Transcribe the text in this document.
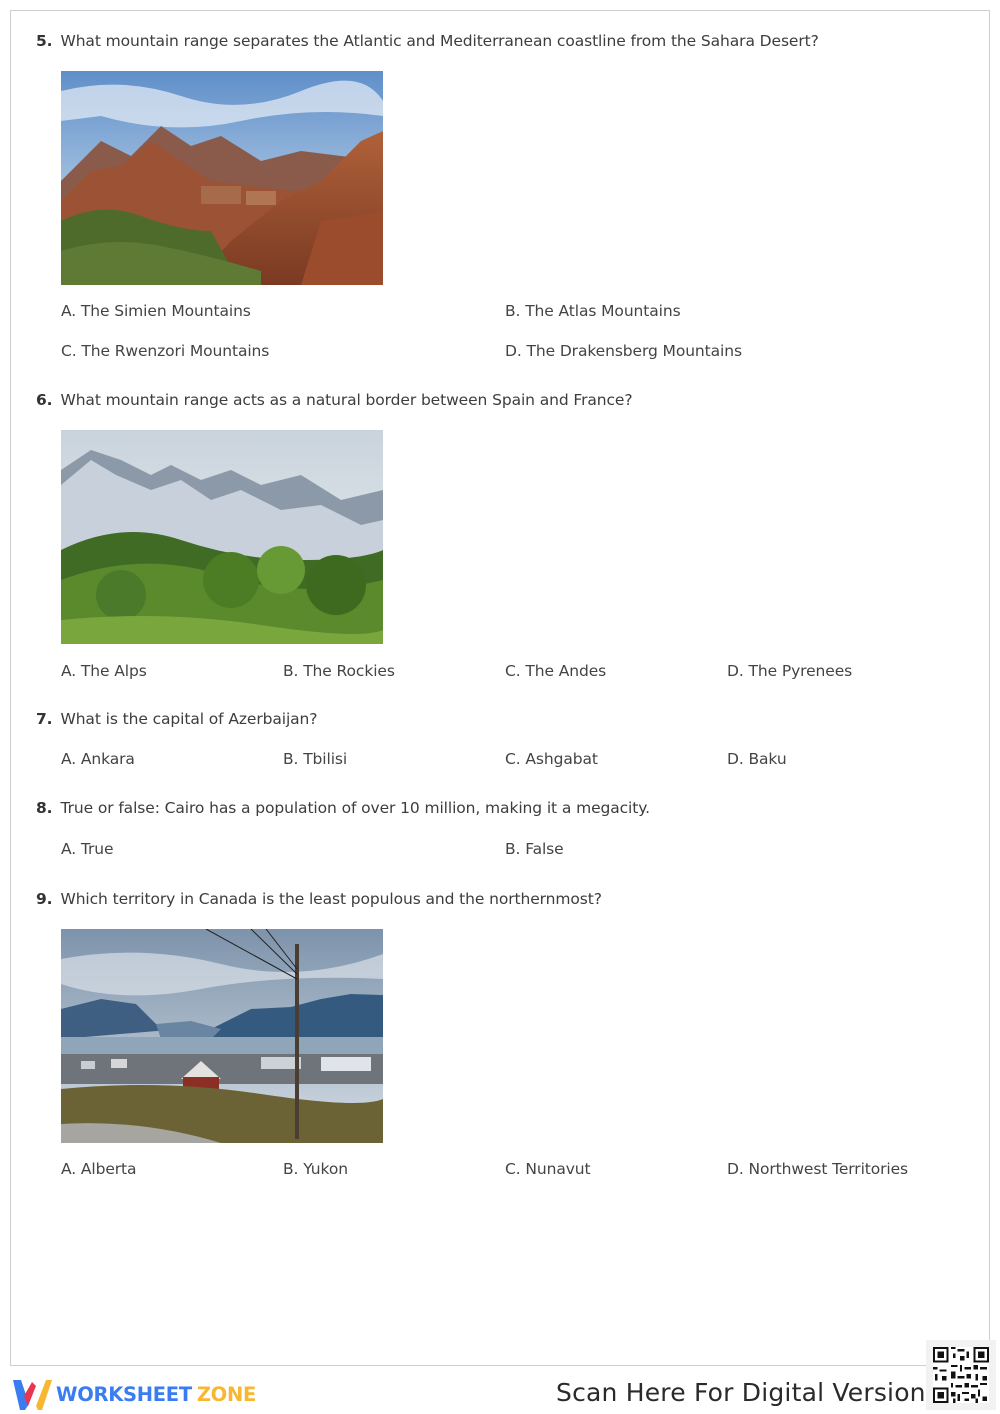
5. What mountain range separates the Atlantic and Mediterranean coastline from the Sahara Desert?
A. The Simien Mountains	B. The Atlas Mountains
C. The Rwenzori Mountains	D. The Drakensberg Mountains
6. What mountain range acts as a natural border between Spain and France?
A. The Alps	B. The Rockies	C. The Andes	D. The Pyrenees
7. What is the capital of Azerbaijan?
A. Ankara	B. Tbilisi	C. Ashgabat	D. Baku
8. True or false: Cairo has a population of over 10 million, making it a megacity.
A. True	B. False
9. Which territory in Canada is the least populous and the northernmost?
A. Alberta	B. Yukon	C. Nunavut	D. Northwest Territories
WORKSHEET ZONE	Scan Here For Digital Version
